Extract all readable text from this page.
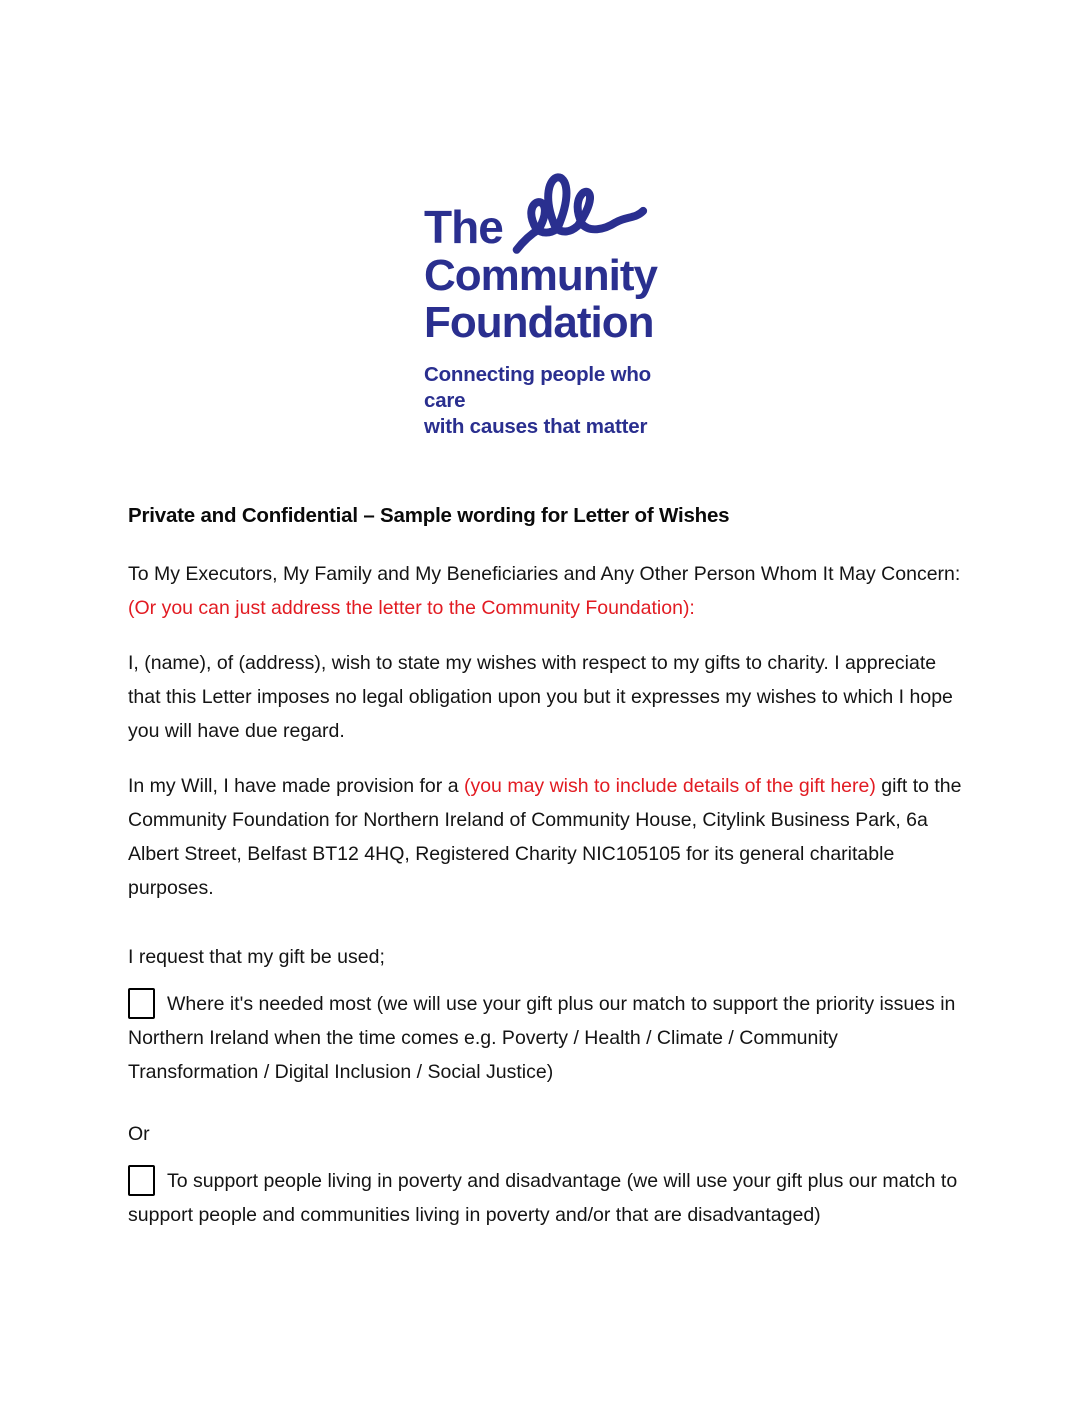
The
Community
Foundation
Connecting people who care
with causes that matter
Private and Confidential – Sample wording for Letter of Wishes

To My Executors, My Family and My Beneficiaries and Any Other Person Whom It May Concern: (Or you can just address the letter to the Community Foundation):

I, (name), of (address), wish to state my wishes with respect to my gifts to charity. I appreciate that this Letter imposes no legal obligation upon you but it expresses my wishes to which I hope you will have due regard.

In my Will, I have made provision for a (you may wish to include details of the gift here) gift to the Community Foundation for Northern Ireland of Community House, Citylink Business Park, 6a Albert Street, Belfast BT12 4HQ, Registered Charity NIC105105 for its general charitable purposes.

I request that my gift be used;

Where it's needed most (we will use your gift plus our match to support the priority issues in Northern Ireland when the time comes e.g. Poverty / Health / Climate / Community Transformation / Digital Inclusion / Social Justice)

Or

To support people living in poverty and disadvantage (we will use your gift plus our match to support people and communities living in poverty and/or that are disadvantaged)
